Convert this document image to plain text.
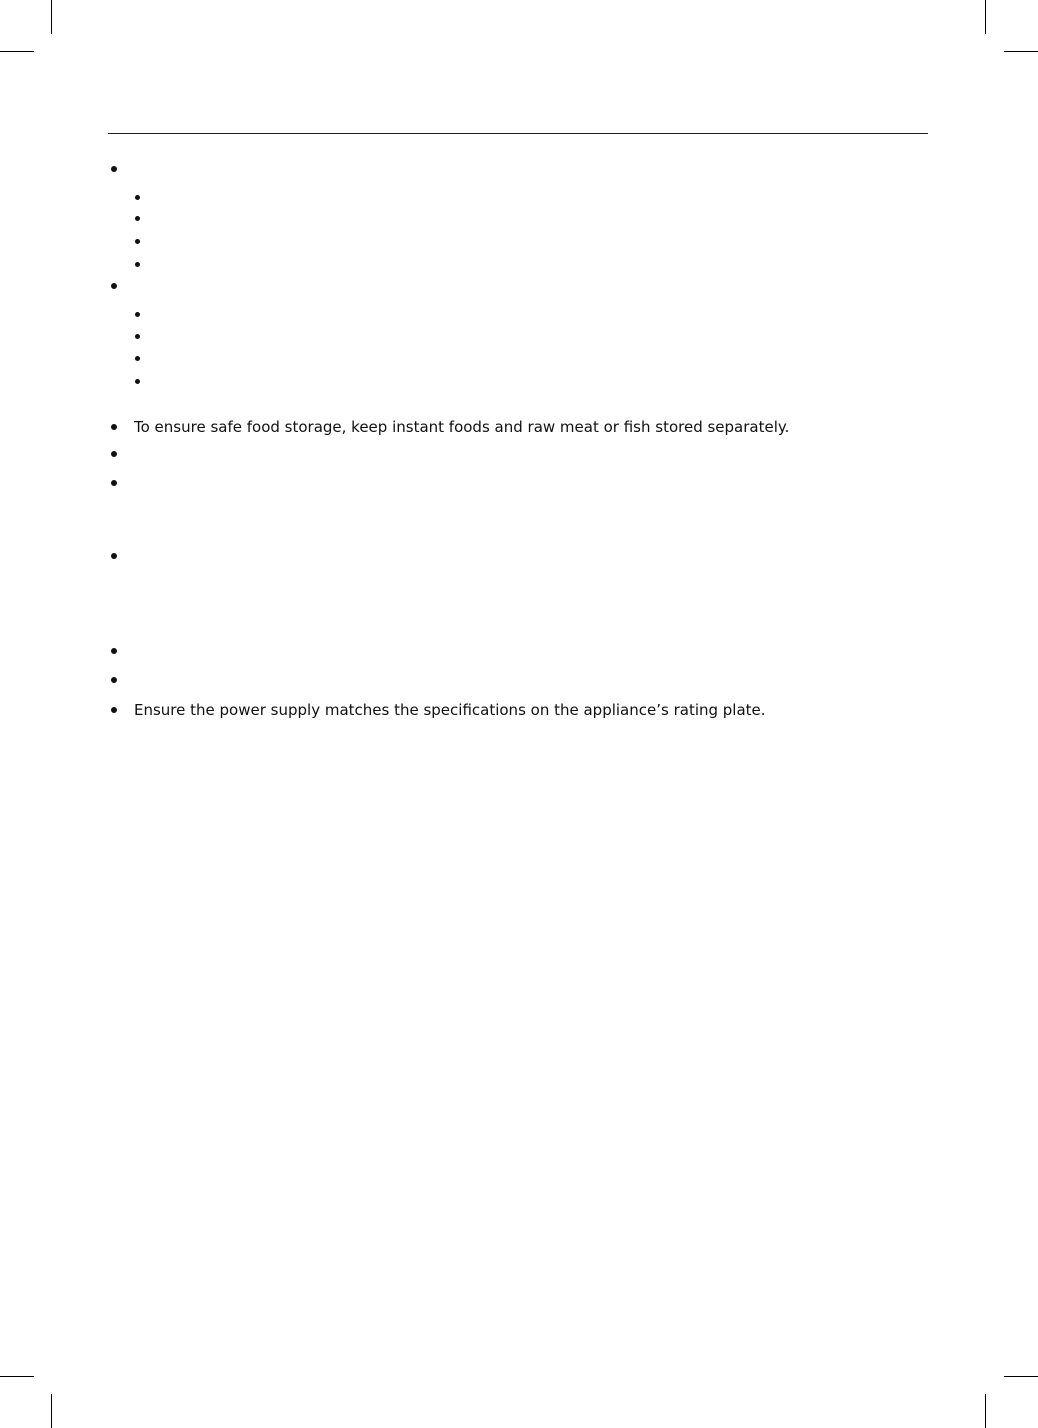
To ensure safe food storage, keep instant foods and raw meat or fish stored separately.
Ensure the power supply matches the specifications on the appliance’s rating plate.
